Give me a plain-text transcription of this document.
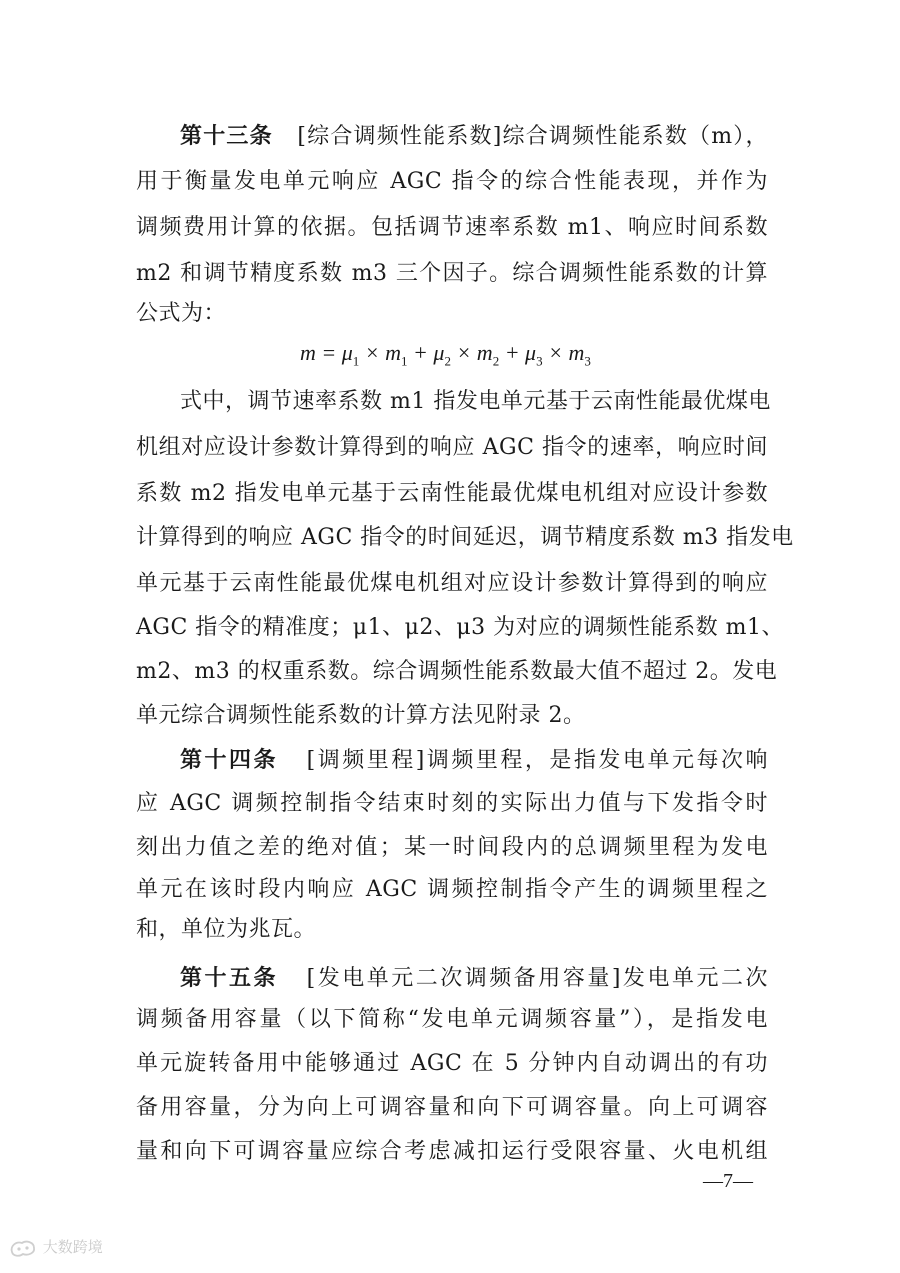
第十三条 [综合调频性能系数]综合调频性能系数（m），
用于衡量发电单元响应 AGC 指令的综合性能表现，并作为
调频费用计算的依据。包括调节速率系数 m1、响应时间系数
m2 和调节精度系数 m3 三个因子。综合调频性能系数的计算
公式为：
$m = \mu_1 \times m_1 + \mu_2 \times m_2 + \mu_3 \times m_3$
式中，调节速率系数 m1 指发电单元基于云南性能最优煤电
机组对应设计参数计算得到的响应 AGC 指令的速率，响应时间
系数 m2 指发电单元基于云南性能最优煤电机组对应设计参数
计算得到的响应 AGC 指令的时间延迟，调节精度系数 m3 指发电
单元基于云南性能最优煤电机组对应设计参数计算得到的响应
AGC 指令的精准度；μ1、μ2、μ3 为对应的调频性能系数 m1、
m2、m3 的权重系数。综合调频性能系数最大值不超过 2。发电
单元综合调频性能系数的计算方法见附录 2。
第十四条 [调频里程]调频里程，是指发电单元每次响
应 AGC 调频控制指令结束时刻的实际出力值与下发指令时
刻出力值之差的绝对值；某一时间段内的总调频里程为发电
单元在该时段内响应 AGC 调频控制指令产生的调频里程之
和，单位为兆瓦。
第十五条 [发电单元二次调频备用容量]发电单元二次
调频备用容量（以下简称“发电单元调频容量”），是指发电
单元旋转备用中能够通过 AGC 在 5 分钟内自动调出的有功
备用容量，分为向上可调容量和向下可调容量。向上可调容
量和向下可调容量应综合考虑减扣运行受限容量、火电机组
—7—
大数跨境
